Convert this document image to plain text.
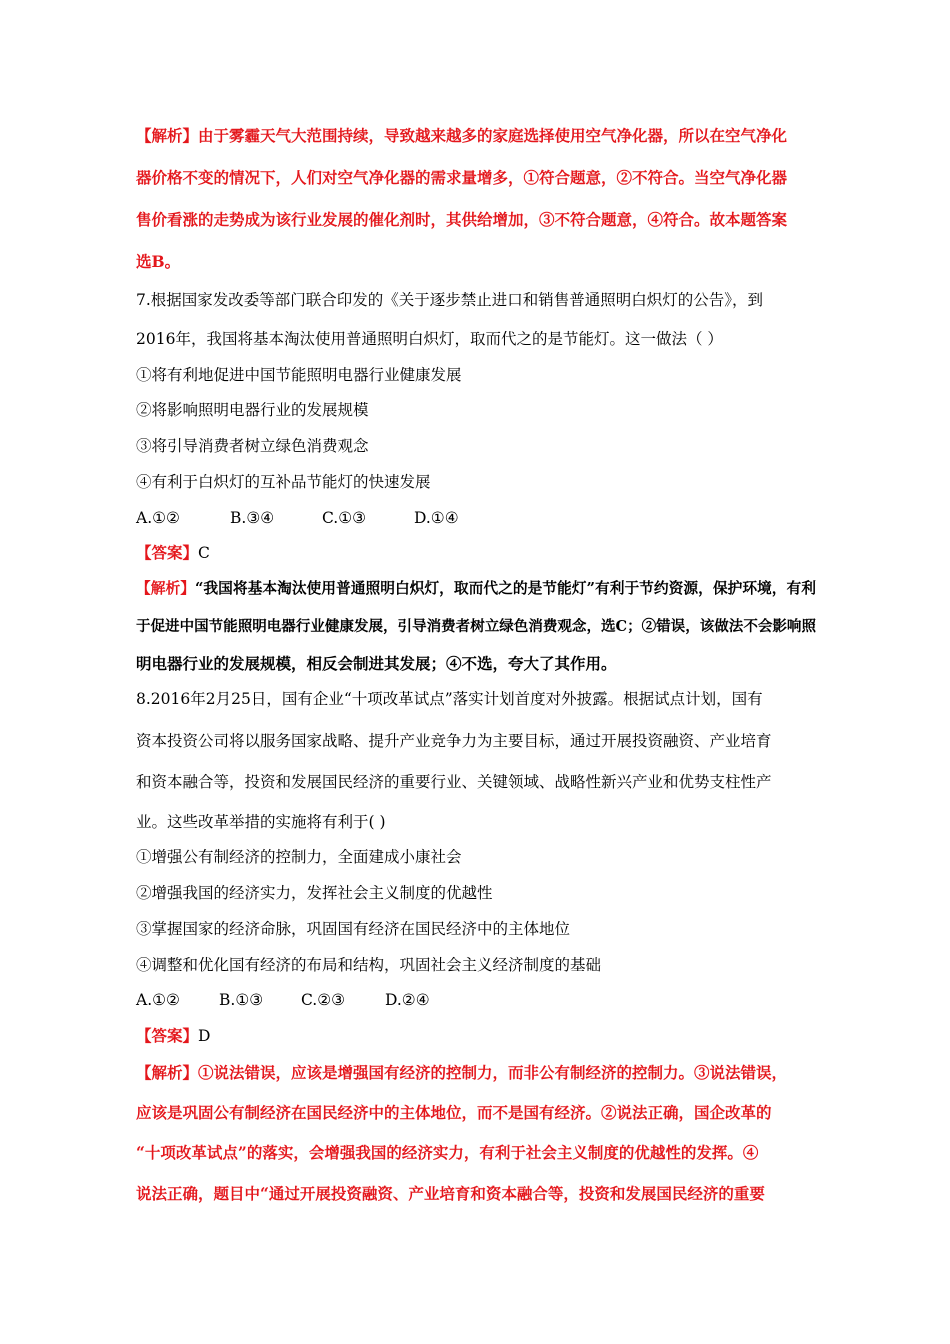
【解析】由于雾霾天气大范围持续，导致越来越多的家庭选择使用空气净化器，所以在空气净化
器价格不变的情况下，人们对空气净化器的需求量增多，①符合题意，②不符合。当空气净化器
售价看涨的走势成为该行业发展的催化剂时，其供给增加，③不符合题意，④符合。故本题答案
选B。
7.根据国家发改委等部门联合印发的《关于逐步禁止进口和销售普通照明白炽灯的公告》，到
2016年，我国将基本淘汰使用普通照明白炽灯，取而代之的是节能灯。这一做法（ ）
①将有利地促进中国节能照明电器行业健康发展
②将影响照明电器行业的发展规模
③将引导消费者树立绿色消费观念
④有利于白炽灯的互补品节能灯的快速发展
A.①②	B.③④	C.①③	D.①④
【答案】C
【解析】“我国将基本淘汰使用普通照明白炽灯，取而代之的是节能灯”有利于节约资源，保护环境，有利
于促进中国节能照明电器行业健康发展，引导消费者树立绿色消费观念，选C；②错误，该做法不会影响照
明电器行业的发展规模，相反会制进其发展；④不选，夸大了其作用。
8.2016年2月25日，国有企业“十项改革试点”落实计划首度对外披露。根据试点计划，国有
资本投资公司将以服务国家战略、提升产业竞争力为主要目标，通过开展投资融资、产业培育
和资本融合等，投资和发展国民经济的重要行业、关键领域、战略性新兴产业和优势支柱性产
业。这些改革举措的实施将有利于( )
①增强公有制经济的控制力，全面建成小康社会
②增强我国的经济实力，发挥社会主义制度的优越性
③掌握国家的经济命脉，巩固国有经济在国民经济中的主体地位
④调整和优化国有经济的布局和结构，巩固社会主义经济制度的基础
A.①②	B.①③ C.②③	D.②④
【答案】D
【解析】①说法错误，应该是增强国有经济的控制力，而非公有制经济的控制力。③说法错误，
应该是巩固公有制经济在国民经济中的主体地位，而不是国有经济。②说法正确，国企改革的
“十项改革试点”的落实，会增强我国的经济实力，有利于社会主义制度的优越性的发挥。④
说法正确，题目中“通过开展投资融资、产业培育和资本融合等，投资和发展国民经济的重要
